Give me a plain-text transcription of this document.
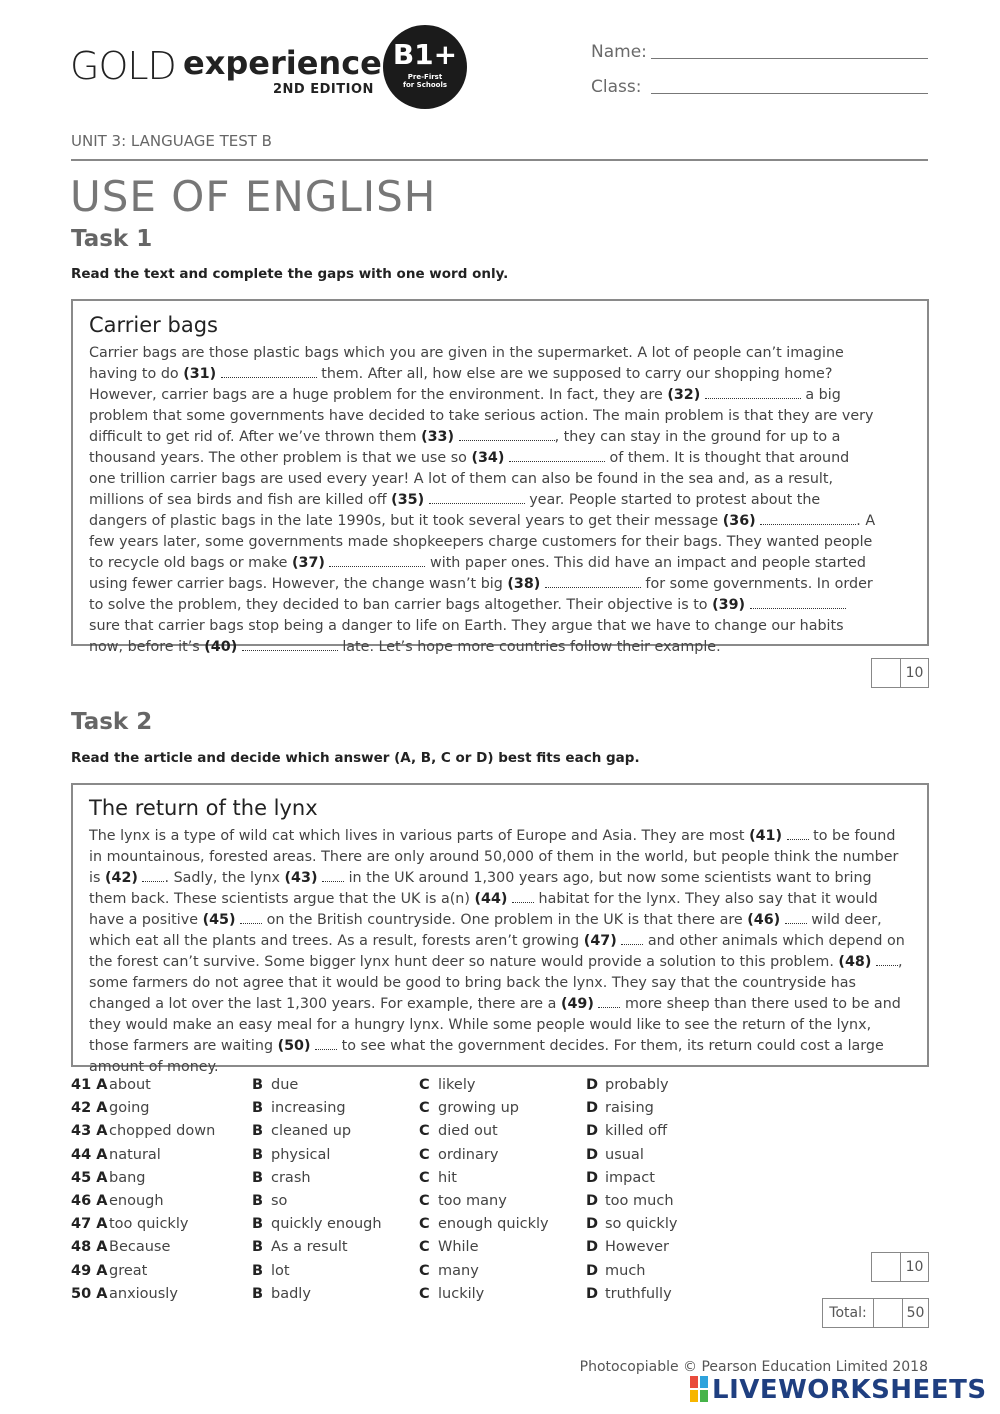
GOLD experience
2ND EDITION
B1+
Pre-First for Schools
Name:
Class:
UNIT 3: LANGUAGE TEST B
USE OF ENGLISH
Task 1
Read the text and complete the gaps with one word only.
Carrier bags
Carrier bags are those plastic bags which you are given in the supermarket. A lot of people can’t imagine having to do (31)	them. After all, how else are we supposed to carry our shopping home? However, carrier bags are a huge problem for the environment. In fact, they are (32)	a big problem that some governments have decided to take serious action. The main problem is that they are very difficult to get rid of. After we’ve thrown them (33)	, they can stay in the ground for up to a thousand years. The other problem is that we use so (34)	of them. It is thought that around one trillion carrier bags are used every year! A lot of them can also be found in the sea and, as a result, millions of sea birds and fish are killed off (35)	year. People started to protest about the dangers of plastic bags in the late 1990s, but it took several years to get their message (36)	. A few years later, some governments made shopkeepers charge customers for their bags. They wanted people to recycle old bags or make (37)	with paper ones. This did have an impact and people started using fewer carrier bags. However, the change wasn’t big (38)	for some governments. In order to solve the problem, they decided to ban carrier bags altogether. Their objective is to (39)  sure that carrier bags stop being a danger to life on Earth. They argue that we have to change our habits now, before it’s (40)	late. Let’s hope more countries follow their example.
10
Task 2
Read the article and decide which answer (A, B, C or D) best fits each gap.
The return of the lynx
The lynx is a type of wild cat which lives in various parts of Europe and Asia. They are most (41)  to be found in mountainous, forested areas. There are only around 50,000 of them in the world, but people think the number is (42) . Sadly, the lynx (43)  in the UK around 1,300 years ago, but now some scientists want to bring them back. These scientists argue that the UK is a(n) (44)  habitat for the lynx. They also say that it would have a positive (45)  on the British countryside. One problem in the UK is that there are (46)  wild deer, which eat all the plants and trees. As a result, forests aren’t growing (47)  and other animals which depend on the forest can’t survive. Some bigger lynx hunt deer so nature would provide a solution to this problem. (48) , some farmers do not agree that it would be good to bring back the lynx. They say that the countryside has changed a lot over the last 1,300 years. For example, there are a (49)  more sheep than there used to be and they would make an easy meal for a hungry lynx. While some people would like to see the return of the lynx, those farmers are waiting (50)  to see what the government decides. For them, its return could cost a large amount of money.
41 A about	B due	C likely	D probably
42 A going	B increasing	C growing up	D raising
43 A chopped down	B cleaned up	C died out	D killed off
44 A natural	B physical	C ordinary	D usual
45 A bang	B crash	C hit	D impact
46 A enough	B so	C too many	D too much
47 A too quickly	B quickly enough	C enough quickly	D so quickly
48 A Because	B As a result	C While	D However
49 A great	B lot	C many	D much
50 A anxiously	B badly	C luckily	D truthfully
10
Total:	50
Photocopiable © Pearson Education Limited 2018
LIVEWORKSHEETS
